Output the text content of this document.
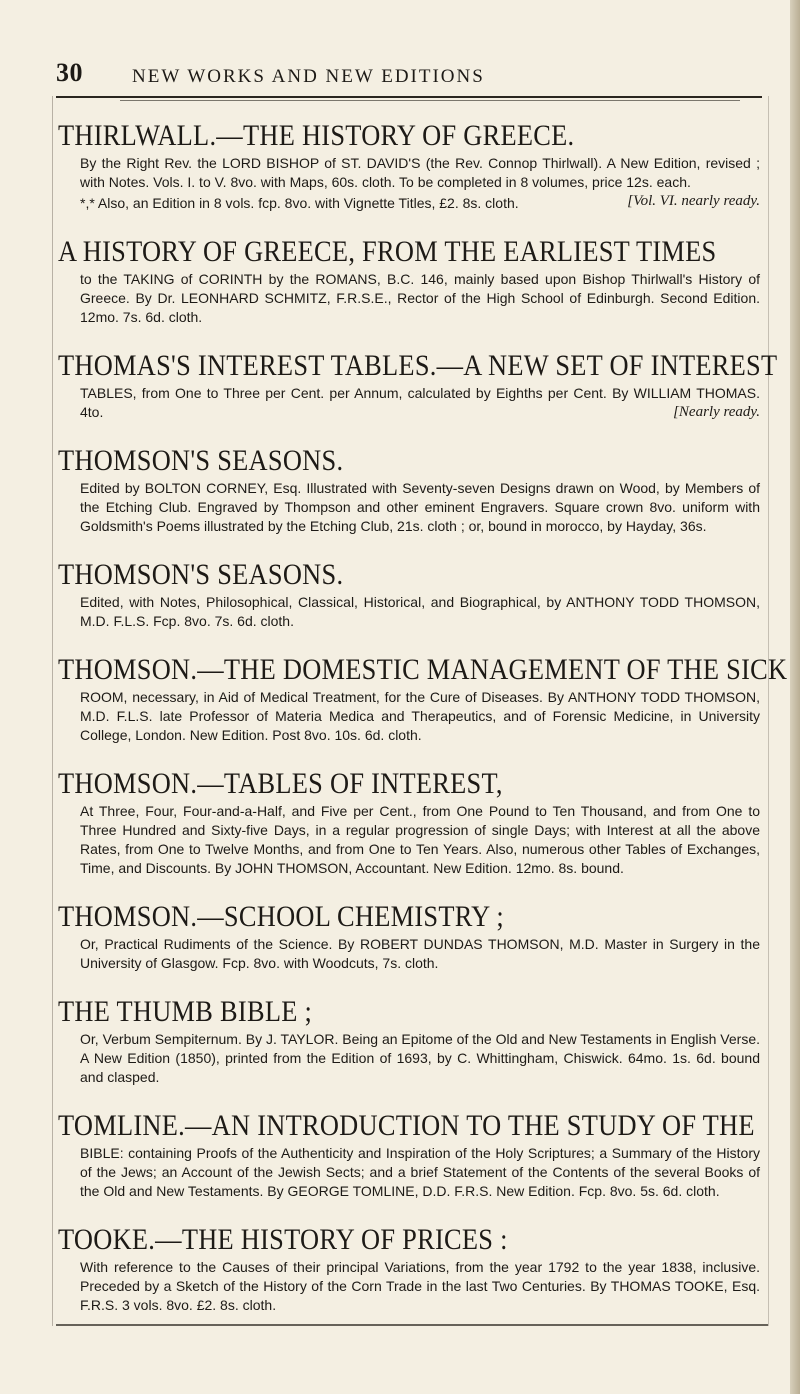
30	NEW WORKS AND NEW EDITIONS
THIRLWALL.—THE HISTORY OF GREECE.

By the Right Rev. the LORD BISHOP of ST. DAVID'S (the Rev. Connop Thirlwall). A New Edition, revised ; with Notes. Vols. I. to V. 8vo. with Maps, 60s. cloth. To be completed in 8 volumes, price 12s. each.
[Vol. VI. nearly ready.

*,* Also, an Edition in 8 vols. fcp. 8vo. with Vignette Titles, £2. 8s. cloth.

A HISTORY OF GREECE, FROM THE EARLIEST TIMES

to the TAKING of CORINTH by the ROMANS, B.C. 146, mainly based upon Bishop Thirlwall's History of Greece. By Dr. LEONHARD SCHMITZ, F.R.S.E., Rector of the High School of Edinburgh. Second Edition. 12mo. 7s. 6d. cloth.

THOMAS'S INTEREST TABLES.—A NEW SET OF INTEREST

TABLES, from One to Three per Cent. per Annum, calculated by Eighths per Cent. By WILLIAM THOMAS. 4to.	[Nearly ready.

THOMSON'S SEASONS.

Edited by BOLTON CORNEY, Esq. Illustrated with Seventy-seven Designs drawn on Wood, by Members of the Etching Club. Engraved by Thompson and other eminent Engravers. Square crown 8vo. uniform with Goldsmith's Poems illustrated by the Etching Club, 21s. cloth ; or, bound in morocco, by Hayday, 36s.

THOMSON'S SEASONS.

Edited, with Notes, Philosophical, Classical, Historical, and Biographical, by ANTHONY TODD THOMSON, M.D. F.L.S. Fcp. 8vo. 7s. 6d. cloth.

THOMSON.—THE DOMESTIC MANAGEMENT OF THE SICK

ROOM, necessary, in Aid of Medical Treatment, for the Cure of Diseases. By ANTHONY TODD THOMSON, M.D. F.L.S. late Professor of Materia Medica and Therapeutics, and of Forensic Medicine, in University College, London. New Edition. Post 8vo. 10s. 6d. cloth.

THOMSON.—TABLES OF INTEREST,

At Three, Four, Four-and-a-Half, and Five per Cent., from One Pound to Ten Thousand, and from One to Three Hundred and Sixty-five Days, in a regular progression of single Days; with Interest at all the above Rates, from One to Twelve Months, and from One to Ten Years. Also, numerous other Tables of Exchanges, Time, and Discounts. By JOHN THOMSON, Accountant. New Edition. 12mo. 8s. bound.

THOMSON.—SCHOOL CHEMISTRY ;

Or, Practical Rudiments of the Science. By ROBERT DUNDAS THOMSON, M.D. Master in Surgery in the University of Glasgow. Fcp. 8vo. with Woodcuts, 7s. cloth.

THE THUMB BIBLE ;

Or, Verbum Sempiternum. By J. TAYLOR. Being an Epitome of the Old and New Testaments in English Verse. A New Edition (1850), printed from the Edition of 1693, by C. Whittingham, Chiswick. 64mo. 1s. 6d. bound and clasped.

TOMLINE.—AN INTRODUCTION TO THE STUDY OF THE

BIBLE: containing Proofs of the Authenticity and Inspiration of the Holy Scriptures; a Summary of the History of the Jews; an Account of the Jewish Sects; and a brief Statement of the Contents of the several Books of the Old and New Testaments. By GEORGE TOMLINE, D.D. F.R.S. New Edition. Fcp. 8vo. 5s. 6d. cloth.

TOOKE.—THE HISTORY OF PRICES :

With reference to the Causes of their principal Variations, from the year 1792 to the year 1838, inclusive. Preceded by a Sketch of the History of the Corn Trade in the last Two Centuries. By THOMAS TOOKE, Esq. F.R.S. 3 vols. 8vo. £2. 8s. cloth.
